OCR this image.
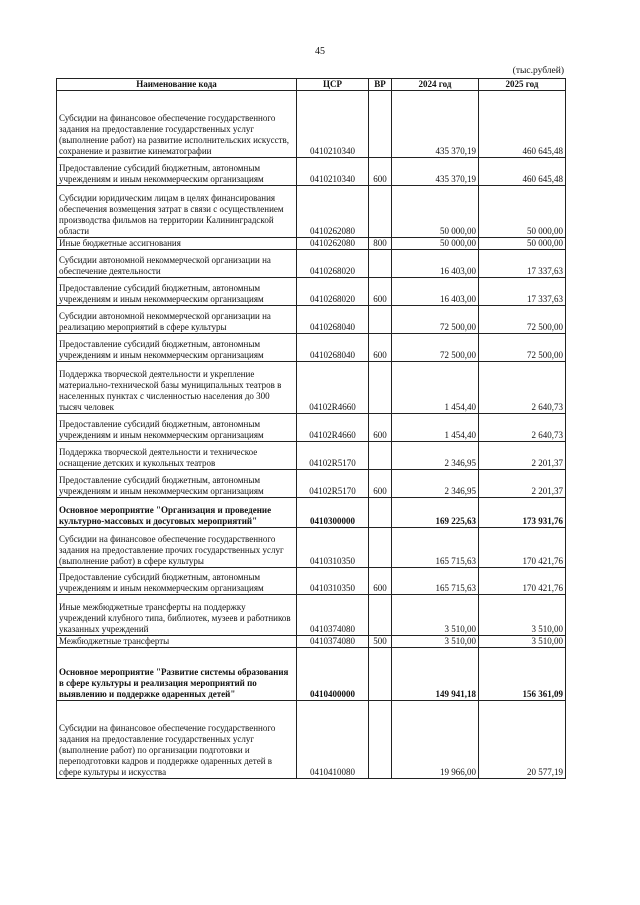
45
(тыс.рублей)
Наименование кода	ЦСР	ВР	2024 год	2025 год
Субсидии на финансовое обеспечение государственного задания на предоставление государственных услуг (выполнение работ) на развитие исполнительских искусств, сохранение и развитие кинематографии	0410210340		435 370,19	460 645,48
Предоставление субсидий бюджетным, автономным учреждениям и иным некоммерческим организациям	0410210340	600	435 370,19	460 645,48
Субсидии юридическим лицам в целях финансирования обеспечения возмещения затрат в связи с осуществлением производства фильмов на территории Калининградской области	0410262080		50 000,00	50 000,00
Иные бюджетные ассигнования	0410262080	800	50 000,00	50 000,00
Субсидии автономной некоммерческой организации на обеспечение деятельности	0410268020		16 403,00	17 337,63
Предоставление субсидий бюджетным, автономным учреждениям и иным некоммерческим организациям	0410268020	600	16 403,00	17 337,63
Субсидии автономной некоммерческой организации на реализацию мероприятий в сфере культуры	0410268040		72 500,00	72 500,00
Предоставление субсидий бюджетным, автономным учреждениям и иным некоммерческим организациям	0410268040	600	72 500,00	72 500,00
Поддержка творческой деятельности и укрепление материально-технической базы муниципальных театров в населенных пунктах с численностью населения до 300 тысяч человек	04102R4660		1 454,40	2 640,73
Предоставление субсидий бюджетным, автономным учреждениям и иным некоммерческим организациям	04102R4660	600	1 454,40	2 640,73
Поддержка творческой деятельности и техническое оснащение детских и кукольных театров	04102R5170		2 346,95	2 201,37
Предоставление субсидий бюджетным, автономным учреждениям и иным некоммерческим организациям	04102R5170	600	2 346,95	2 201,37
Основное мероприятие "Организация и проведение культурно-массовых и досуговых мероприятий"	0410300000		169 225,63	173 931,76
Субсидии на финансовое обеспечение государственного задания на предоставление прочих государственных услуг (выполнение работ) в сфере культуры	0410310350		165 715,63	170 421,76
Предоставление субсидий бюджетным, автономным учреждениям и иным некоммерческим организациям	0410310350	600	165 715,63	170 421,76
Иные межбюджетные трансферты на поддержку учреждений клубного типа, библиотек, музеев и работников указанных учреждений	0410374080		3 510,00	3 510,00
Межбюджетные трансферты	0410374080	500	3 510,00	3 510,00
Основное мероприятие "Развитие системы образования в сфере культуры и реализация мероприятий по выявлению и поддержке одаренных детей"	0410400000		149 941,18	156 361,09
Субсидии на финансовое обеспечение государственного задания на предоставление государственных услуг (выполнение работ) по организации подготовки и переподготовки кадров и поддержке одаренных детей в сфере культуры и искусства	0410410080		19 966,00	20 577,19
